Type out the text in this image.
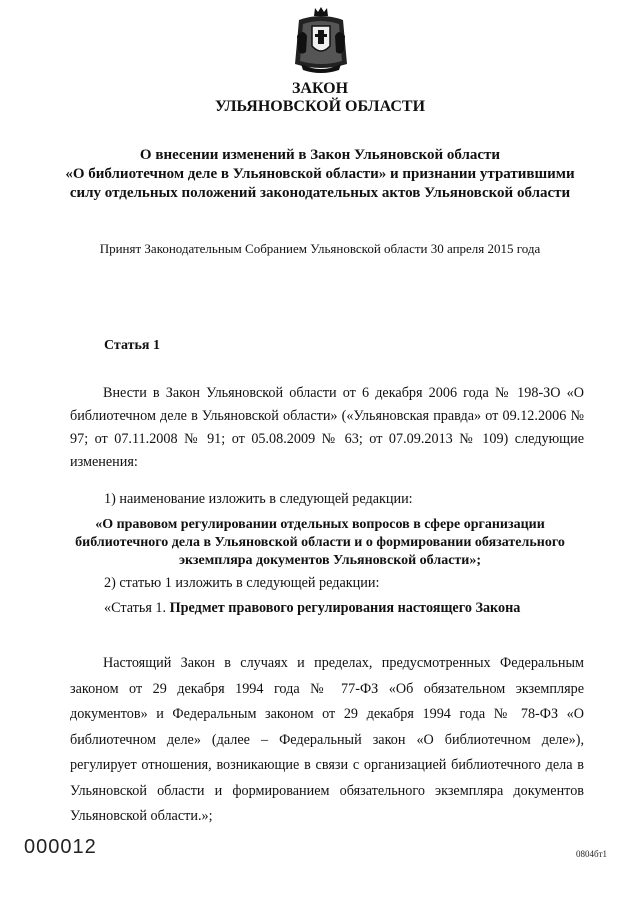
ЗАКОН
УЛЬЯНОВСКОЙ ОБЛАСТИ
О внесении изменений в Закон Ульяновской области
«О библиотечном деле в Ульяновской области» и признании утратившими
силу отдельных положений законодательных актов Ульяновской области
Принят Законодательным Собранием Ульяновской области 30 апреля 2015 года
Статья 1
Внести в Закон Ульяновской области от 6 декабря 2006 года № 198-ЗО «О библиотечном деле в Ульяновской области» («Ульяновская правда» от 09.12.2006 № 97; от 07.11.2008 № 91; от 05.08.2009 № 63; от 07.09.2013 № 109) следующие изменения:
1) наименование изложить в следующей редакции:
«О правовом регулировании отдельных вопросов в сфере организации
библиотечного дела в Ульяновской области и о формировании обязательного
экземпляра документов Ульяновской области»;
2) статью 1 изложить в следующей редакции:
«Статья 1. Предмет правового регулирования настоящего Закона
Настоящий Закон в случаях и пределах, предусмотренных Федеральным законом от 29 декабря 1994 года № 77-ФЗ «Об обязательном экземпляре документов» и Федеральным законом от 29 декабря 1994 года № 78-ФЗ «О библиотечном деле» (далее – Федеральный закон «О библиотечном деле»), регулирует отношения, возникающие в связи с организацией библиотечного дела в Ульяновской области и формированием обязательного экземпляра документов Ульяновской области.»;
000012	0804бт1
